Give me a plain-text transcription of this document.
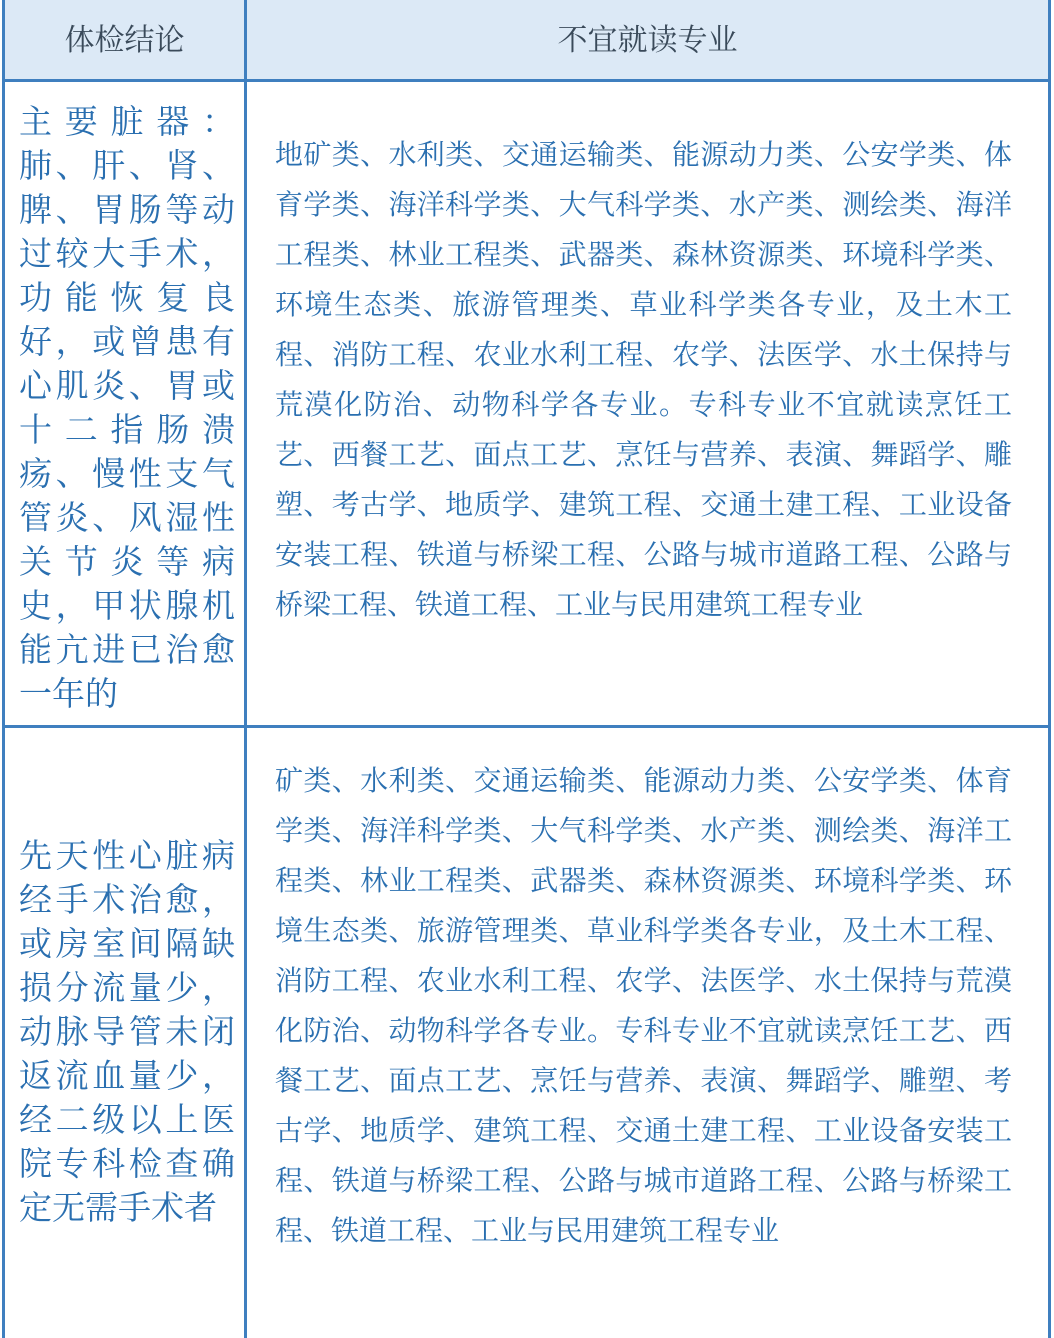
体检结论	不宜就读专业
主要脏器：肺、肝、肾、脾、胃肠等动过较大手术，功能恢复良好，或曾患有心肌炎、胃或十二指肠溃疡、慢性支气管炎、风湿性关节炎等病史，甲状腺机能亢进已治愈一年的
地矿类、水利类、交通运输类、能源动力类、公安学类、体育学类、海洋科学类、大气科学类、水产类、测绘类、海洋工程类、林业工程类、武器类、森林资源类、环境科学类、环境生态类、旅游管理类、草业科学类各专业，及土木工程、消防工程、农业水利工程、农学、法医学、水土保持与荒漠化防治、动物科学各专业。专科专业不宜就读烹饪工艺、西餐工艺、面点工艺、烹饪与营养、表演、舞蹈学、雕塑、考古学、地质学、建筑工程、交通土建工程、工业设备安装工程、铁道与桥梁工程、公路与城市道路工程、公路与桥梁工程、铁道工程、工业与民用建筑工程专业
先天性心脏病经手术治愈，或房室间隔缺损分流量少，动脉导管未闭返流血量少，经二级以上医院专科检查确定无需手术者
矿类、水利类、交通运输类、能源动力类、公安学类、体育学类、海洋科学类、大气科学类、水产类、测绘类、海洋工程类、林业工程类、武器类、森林资源类、环境科学类、环境生态类、旅游管理类、草业科学类各专业，及土木工程、消防工程、农业水利工程、农学、法医学、水土保持与荒漠化防治、动物科学各专业。专科专业不宜就读烹饪工艺、西餐工艺、面点工艺、烹饪与营养、表演、舞蹈学、雕塑、考古学、地质学、建筑工程、交通土建工程、工业设备安装工程、铁道与桥梁工程、公路与城市道路工程、公路与桥梁工程、铁道工程、工业与民用建筑工程专业
